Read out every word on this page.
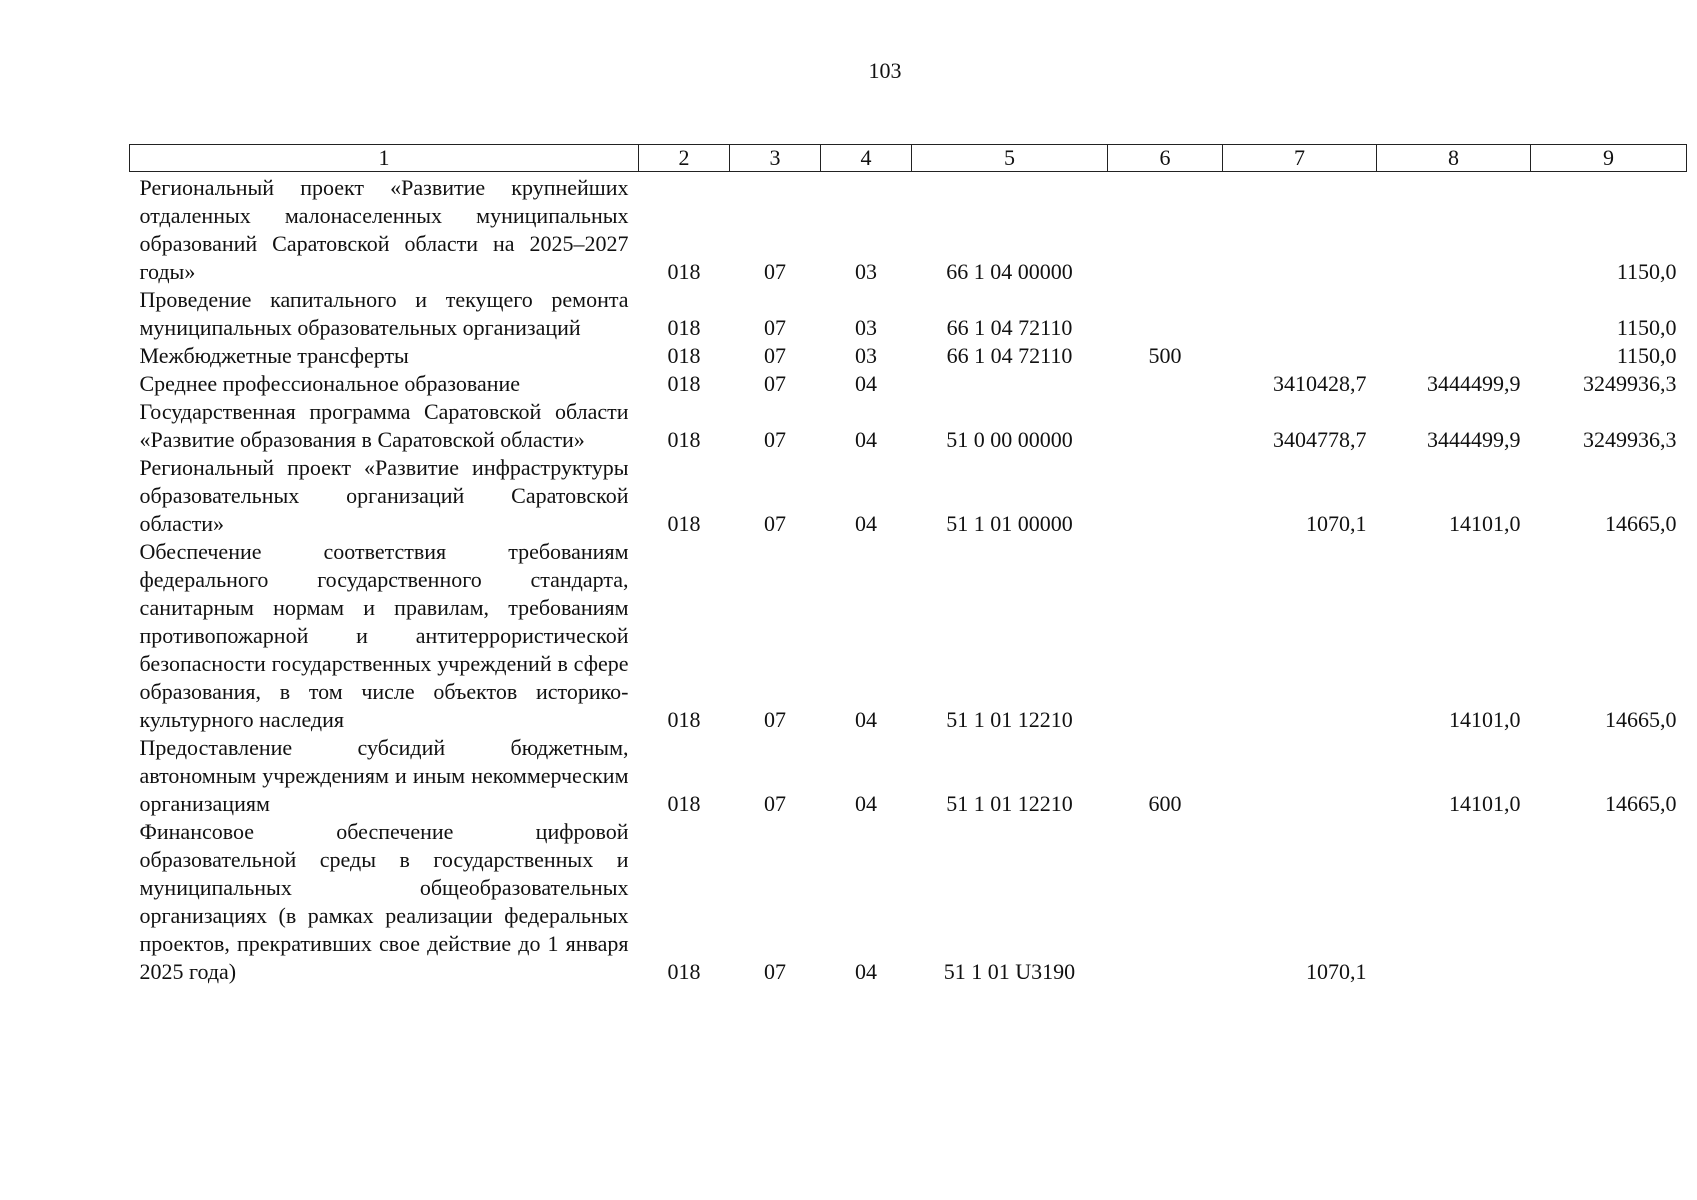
103
1	2	3	4	5	6	7	8	9
Региональный проект «Развитие крупнейших отдаленных малонаселенных муниципальных образований Саратовской области на 2025–2027 годы»	018	07	03	66 1 04 00000				1150,0
Проведение капитального и текущего ремонта муниципальных образовательных организаций	018	07	03	66 1 04 72110				1150,0
Межбюджетные трансферты	018	07	03	66 1 04 72110	500			1150,0
Среднее профессиональное образование	018	07	04			3410428,7	3444499,9	3249936,3
Государственная программа Саратовской области «Развитие образования в Саратовской области»	018	07	04	51 0 00 00000		3404778,7	3444499,9	3249936,3
Региональный проект «Развитие инфраструктуры образовательных организаций Саратовской области»	018	07	04	51 1 01 00000		1070,1	14101,0	14665,0
Обеспечение соответствия требованиям федерального государственного стандарта, санитарным нормам и правилам, требованиям противопожарной и антитеррористической безопасности государственных учреждений в сфере образования, в том числе объектов историко-культурного наследия	018	07	04	51 1 01 12210			14101,0	14665,0
Предоставление субсидий бюджетным, автономным учреждениям и иным некоммерческим организациям	018	07	04	51 1 01 12210	600		14101,0	14665,0
Финансовое обеспечение цифровой образовательной среды в государственных и муниципальных общеобразовательных организациях (в рамках реализации федеральных проектов, прекративших свое действие до 1 января 2025 года)	018	07	04	51 1 01 U3190		1070,1		
